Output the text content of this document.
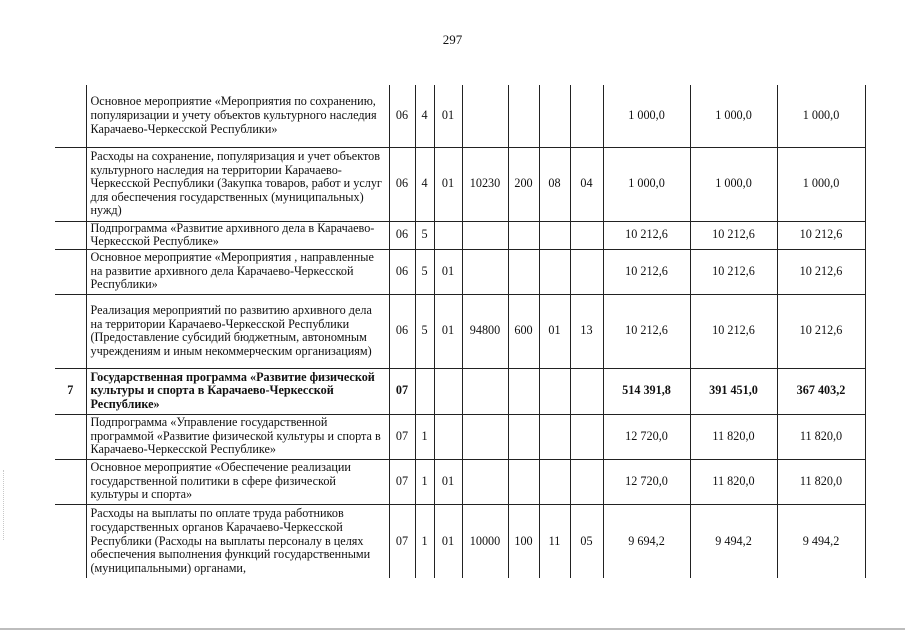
297
	Основное мероприятие «Мероприятия по сохранению, популяризации и учету объектов культурного наследия Карачаево-Черкесской Республики»	06	4	01					1 000,0	1 000,0	1 000,0
	Расходы на сохранение, популяризация и учет объектов культурного наследия на территории Карачаево-Черкесской Республики (Закупка товаров, работ и услуг для обеспечения государственных (муниципальных) нужд)	06	4	01	10230	200	08	04	1 000,0	1 000,0	1 000,0
	Подпрограмма «Развитие архивного дела в Карачаево-Черкесской Республике»	06	5						10 212,6	10 212,6	10 212,6
	Основное мероприятие «Мероприятия , направленные на развитие архивного дела Карачаево-Черкесской Республики»	06	5	01					10 212,6	10 212,6	10 212,6
	Реализация мероприятий по развитию архивного дела на территории Карачаево-Черкесской Республики (Предоставление субсидий бюджетным, автономным учреждениям и иным некоммерческим организациям)	06	5	01	94800	600	01	13	10 212,6	10 212,6	10 212,6
7	Государственная программа «Развитие физической культуры и спорта в Карачаево-Черкесской Республике»	07							514 391,8	391 451,0	367 403,2
	Подпрограмма «Управление государственной программой «Развитие физической культуры и спорта в Карачаево-Черкесской Республике»	07	1						12 720,0	11 820,0	11 820,0
	Основное мероприятие «Обеспечение реализации государственной политики в сфере физической культуры и спорта»	07	1	01					12 720,0	11 820,0	11 820,0
	Расходы на выплаты по оплате труда работников государственных органов Карачаево-Черкесской Республики (Расходы на выплаты персоналу в целях обеспечения выполнения функций государственными (муниципальными) органами,	07	1	01	10000	100	11	05	9 694,2	9 494,2	9 494,2
